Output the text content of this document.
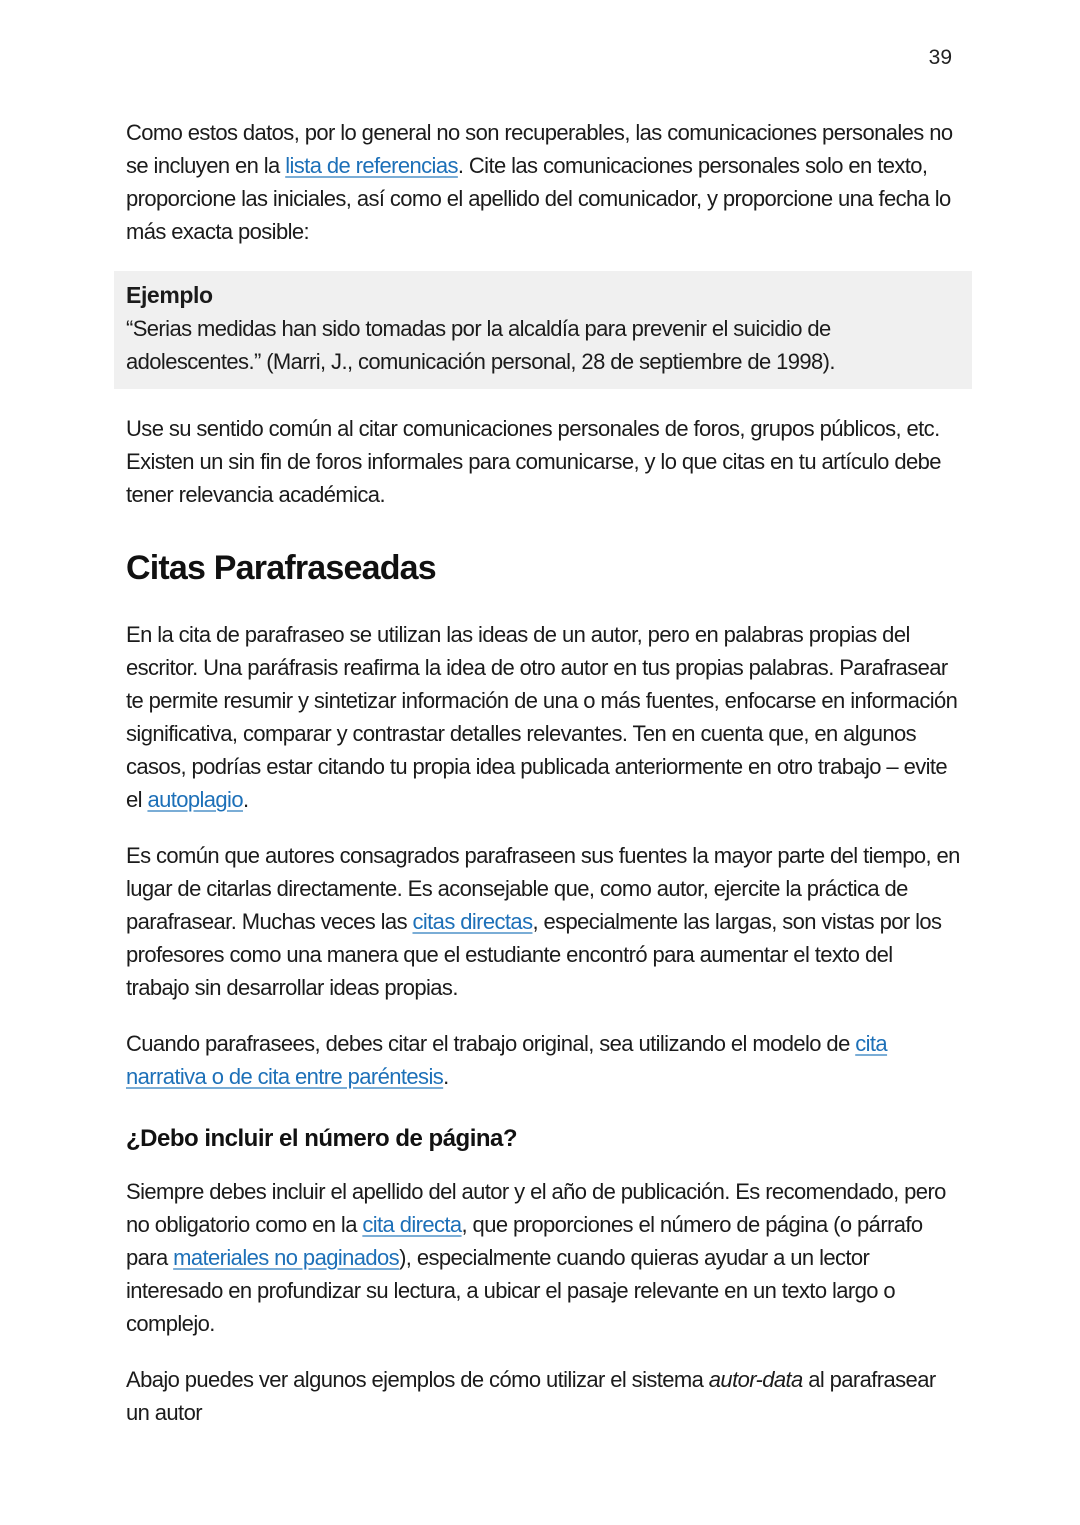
39

Como estos datos, por lo general no son recuperables, las comunicaciones personales no se incluyen en la lista de referencias. Cite las comunicaciones personales solo en texto, proporcione las iniciales, así como el apellido del comunicador, y proporcione una fecha lo más exacta posible:

Ejemplo
“Serias medidas han sido tomadas por la alcaldía para prevenir el suicidio de adolescentes.” (Marri, J., comunicación personal, 28 de septiembre de 1998).

Use su sentido común al citar comunicaciones personales de foros, grupos públicos, etc. Existen un sin fin de foros informales para comunicarse, y lo que citas en tu artículo debe tener relevancia académica.

Citas Parafraseadas

En la cita de parafraseo se utilizan las ideas de un autor, pero en palabras propias del escritor. Una paráfrasis reafirma la idea de otro autor en tus propias palabras. Parafrasear te permite resumir y sintetizar información de una o más fuentes, enfocarse en información significativa, comparar y contrastar detalles relevantes. Ten en cuenta que, en algunos casos, podrías estar citando tu propia idea publicada anteriormente en otro trabajo – evite el autoplagio.

Es común que autores consagrados parafraseen sus fuentes la mayor parte del tiempo, en lugar de citarlas directamente. Es aconsejable que, como autor, ejercite la práctica de parafrasear. Muchas veces las citas directas, especialmente las largas, son vistas por los profesores como una manera que el estudiante encontró para aumentar el texto del trabajo sin desarrollar ideas propias.

Cuando parafrasees, debes citar el trabajo original, sea utilizando el modelo de cita narrativa o de cita entre paréntesis.

¿Debo incluir el número de página?

Siempre debes incluir el apellido del autor y el año de publicación. Es recomendado, pero no obligatorio como en la cita directa, que proporciones el número de página (o párrafo para materiales no paginados), especialmente cuando quieras ayudar a un lector interesado en profundizar su lectura, a ubicar el pasaje relevante en un texto largo o complejo.

Abajo puedes ver algunos ejemplos de cómo utilizar el sistema autor-data al parafrasear un autor
